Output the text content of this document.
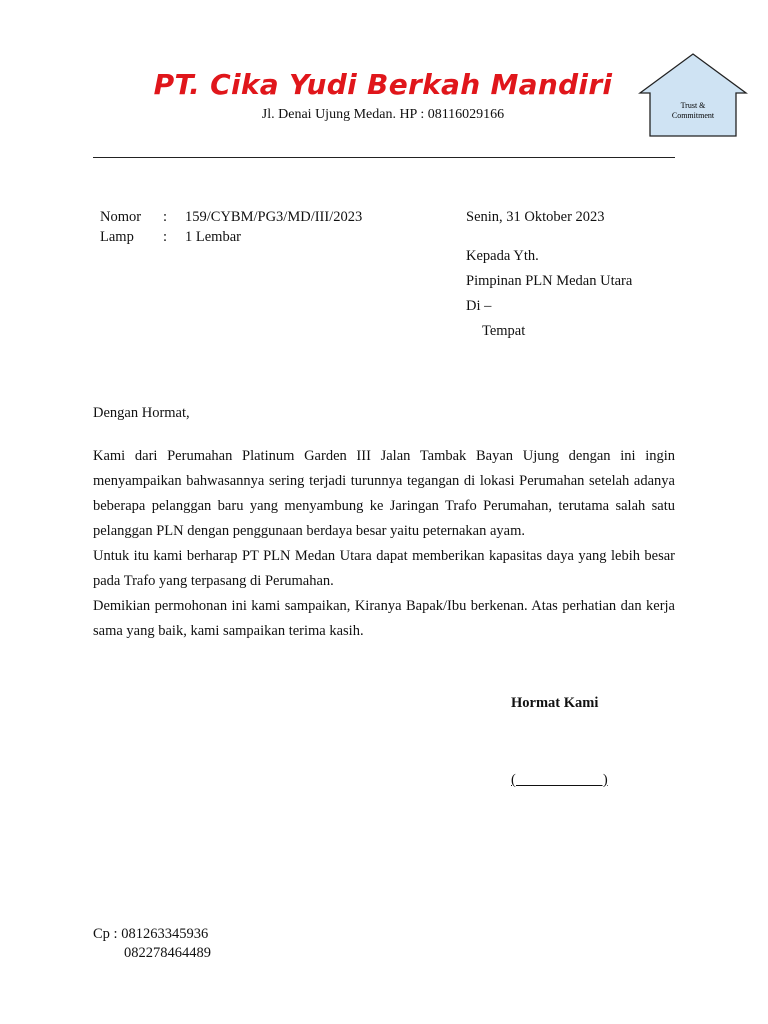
PT. Cika Yudi Berkah Mandiri
Jl. Denai Ujung Medan. HP : 08116029166
Trust &
Commitment
Nomor : 159/CYBM/PG3/MD/III/2023
Lamp : 1 Lembar
Senin, 31 Oktober 2023
Kepada Yth.
Pimpinan PLN Medan Utara
Di –
Tempat
Dengan Hormat,

Kami dari Perumahan Platinum Garden III Jalan Tambak Bayan Ujung dengan ini ingin menyampaikan bahwasannya sering terjadi turunnya tegangan di lokasi Perumahan setelah adanya beberapa pelanggan baru yang menyambung ke Jaringan Trafo Perumahan, terutama salah satu pelanggan PLN dengan penggunaan berdaya besar yaitu peternakan ayam.

Untuk itu kami berharap PT PLN Medan Utara dapat memberikan kapasitas daya yang lebih besar pada Trafo yang terpasang di Perumahan.

Demikian permohonan ini kami sampaikan, Kiranya Bapak/Ibu berkenan. Atas perhatian dan kerja sama yang baik, kami sampaikan terima kasih.

Hormat Kami
(                        )
Cp : 081263345936
082278464489
